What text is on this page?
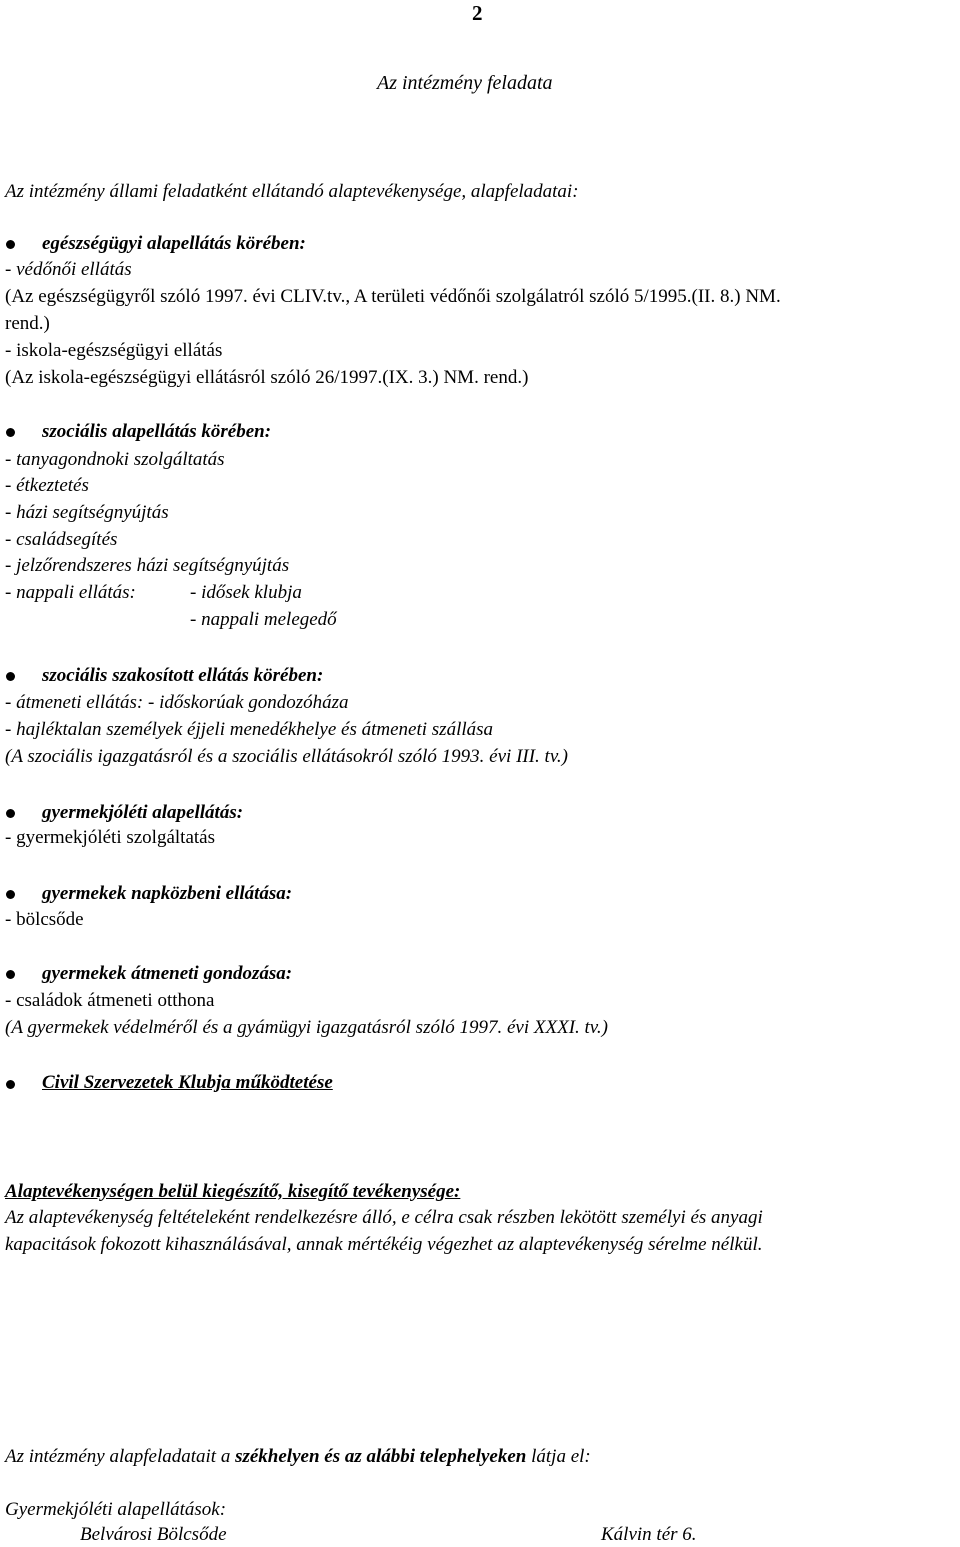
2
Az intézmény feladata
Az intézmény állami feladatként ellátandó alaptevékenysége, alapfeladatai:
egészségügyi alapellátás körében:
- védőnői ellátás
(Az egészségügyről szóló 1997. évi CLIV.tv., A területi védőnői szolgálatról szóló 5/1995.(II. 8.) NM.
rend.)
- iskola-egészségügyi ellátás
(Az iskola-egészségügyi ellátásról szóló 26/1997.(IX. 3.) NM. rend.)
szociális alapellátás körében:
- tanyagondnoki szolgáltatás
- étkeztetés
- házi segítségnyújtás
- családsegítés
- jelzőrendszeres házi segítségnyújtás
- nappali ellátás:	- idősek klubja
- nappali melegedő
szociális szakosított ellátás körében:
- átmeneti ellátás: - időskorúak gondozóháza
- hajléktalan személyek éjjeli menedékhelye és átmeneti szállása
(A szociális igazgatásról és a szociális ellátásokról szóló 1993. évi III. tv.)
gyermekjóléti alapellátás:
- gyermekjóléti szolgáltatás
gyermekek napközbeni ellátása:
- bölcsőde
gyermekek átmeneti gondozása:
- családok átmeneti otthona
(A gyermekek védelméről és a gyámügyi igazgatásról szóló 1997. évi XXXI. tv.)
Civil Szervezetek Klubja működtetése
Alaptevékenységen belül kiegészítő, kisegítő tevékenysége:
Az alaptevékenység feltételeként rendelkezésre álló, e célra csak részben lekötött személyi és anyagi
kapacitások fokozott kihasználásával, annak mértékéig végezhet az alaptevékenység sérelme nélkül.
Az intézmény alapfeladatait a székhelyen és az alábbi telephelyeken látja el:
Gyermekjóléti alapellátások:
Belvárosi Bölcsőde	Kálvin tér 6.
